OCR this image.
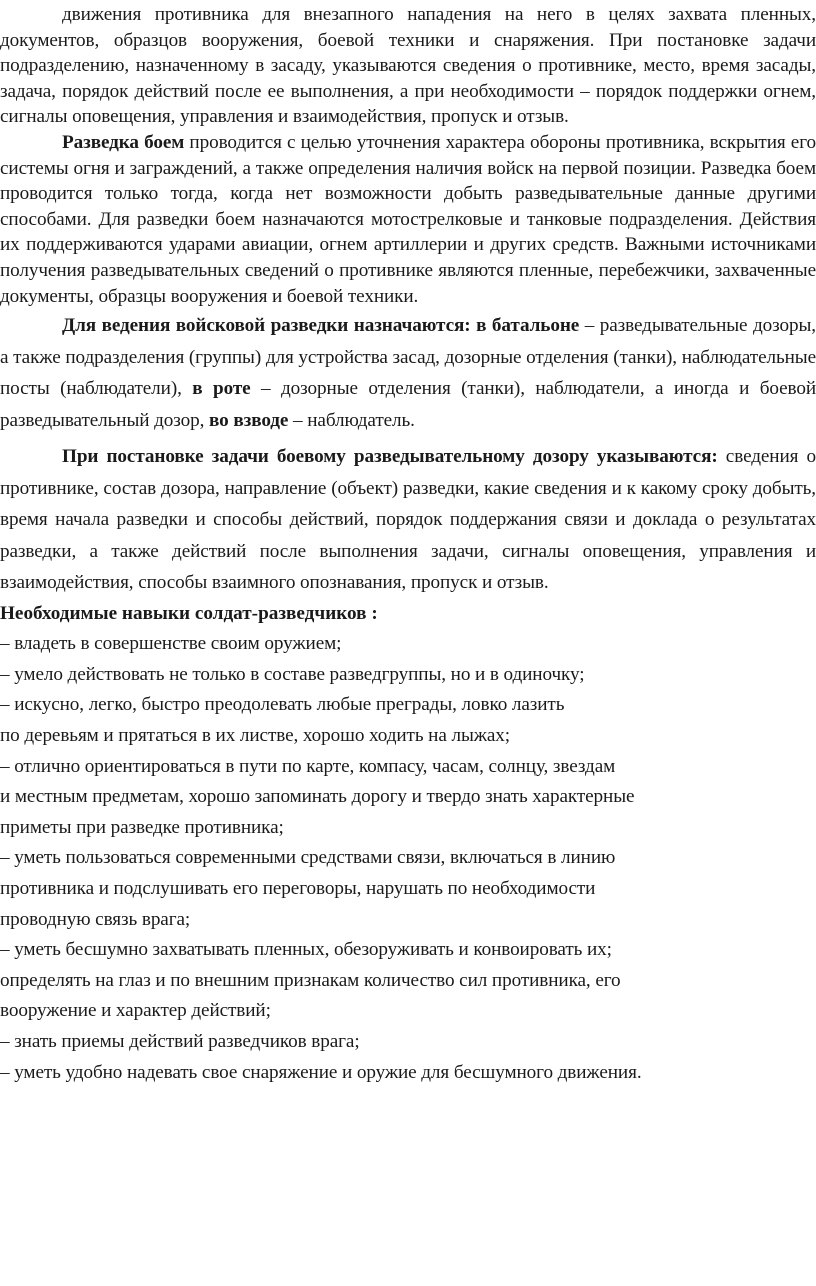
движения противника для внезапного нападения на него в целях захвата пленных, документов, образцов вооружения, боевой техники и снаряжения. При постановке задачи подразделению, назначенному в засаду, указываются сведения о противнике, место, время засады, задача, порядок действий после ее выполнения, а при необходимости – порядок поддержки огнем, сигналы оповещения, управления и взаимодействия, пропуск и отзыв.

Разведка боем проводится с целью уточнения характера обороны противника, вскрытия его системы огня и заграждений, а также определения наличия войск на первой позиции. Разведка боем проводится только тогда, когда нет возможности добыть разведывательные данные другими способами. Для разведки боем назначаются мотострелковые и танковые подразделения. Действия их поддерживаются ударами авиации, огнем артиллерии и других средств. Важными источниками получения разведывательных сведений о противнике являются пленные, перебежчики, захваченные документы, образцы вооружения и боевой техники.

Для ведения войсковой разведки назначаются: в батальоне – разведывательные дозоры, а также подразделения (группы) для устройства засад, дозорные отделения (танки), наблюдательные посты (наблюдатели), в роте – дозорные отделения (танки), наблюдатели, а иногда и боевой разведывательный дозор, во взводе – наблюдатель.

При постановке задачи боевому разведывательному дозору указываются: сведения о противнике, состав дозора, направление (объект) разведки, какие сведения и к какому сроку добыть, время начала разведки и способы действий, порядок поддержания связи и доклада о результатах разведки, а также действий после выполнения задачи, сигналы оповещения, управления и взаимодействия, способы взаимного опознавания, пропуск и отзыв.

Необходимые навыки солдат-разведчиков :

– владеть в совершенстве своим оружием;
– умело действовать не только в составе разведгруппы, но и в одиночку;
– искусно, легко, быстро преодолевать любые преграды, ловко лазить
по деревьям и прятаться в их листве, хорошо ходить на лыжах;
– отлично ориентироваться в пути по карте, компасу, часам, солнцу, звездам
и местным предметам, хорошо запоминать дорогу и твердо знать характерные
приметы при разведке противника;
– уметь пользоваться современными средствами связи, включаться в линию
противника и подслушивать его переговоры, нарушать по необходимости
проводную связь врага;
– уметь бесшумно захватывать пленных, обезоруживать и конвоировать их;
определять на глаз и по внешним признакам количество сил противника, его
вооружение и характер действий;
– знать приемы действий разведчиков врага;
– уметь удобно надевать свое снаряжение и оружие для бесшумного движения.
